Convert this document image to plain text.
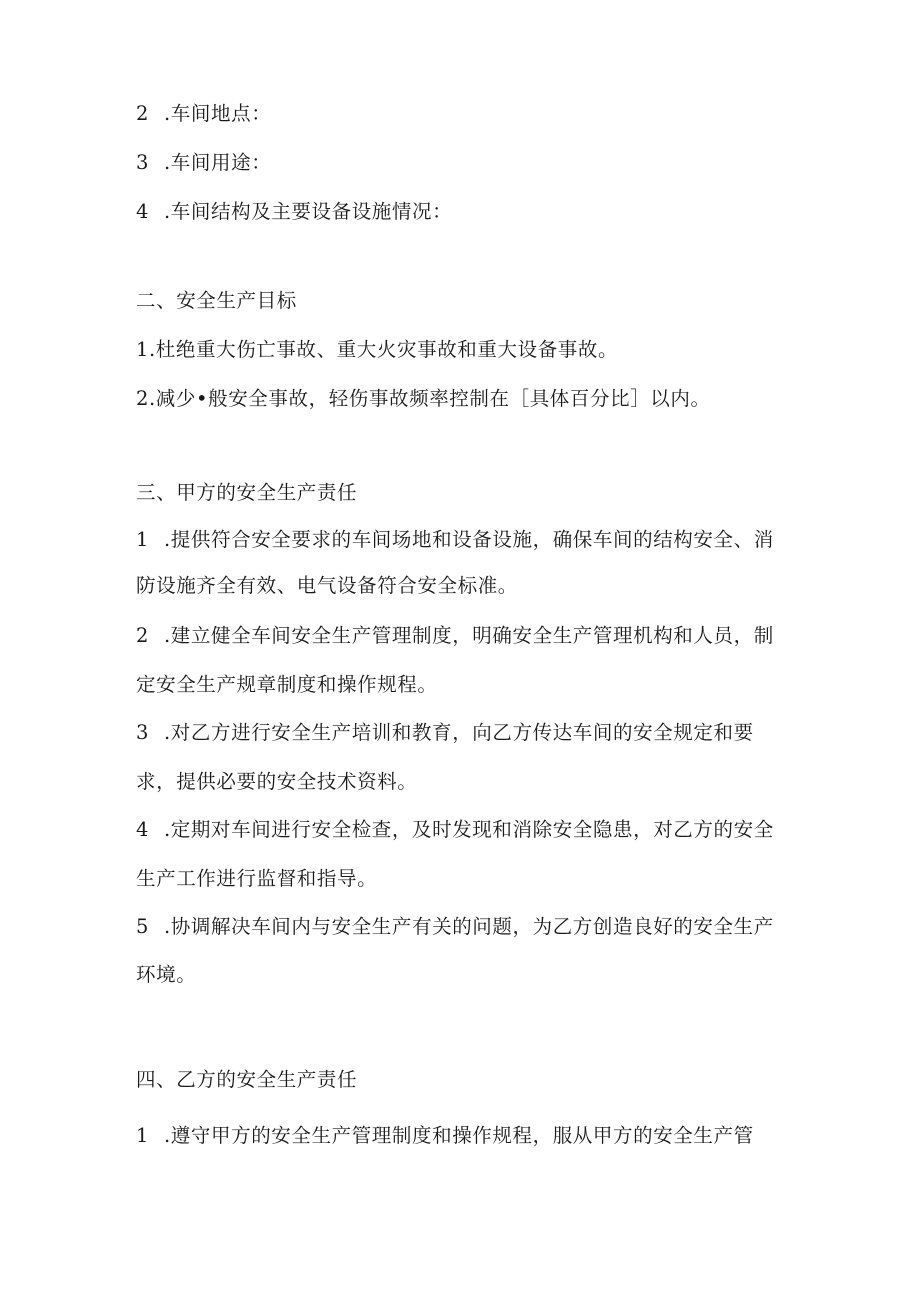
2 .车间地点：
3 .车间用途：
4 .车间结构及主要设备设施情况：
二、安全生产目标
1.杜绝重大伤亡事故、重大火灾事故和重大设备事故。
2.减少•般安全事故，轻伤事故频率控制在［具体百分比］以内。
三、甲方的安全生产责任
1 .提供符合安全要求的车间场地和设备设施，确保车间的结构安全、消
防设施齐全有效、电气设备符合安全标准。
2 .建立健全车间安全生产管理制度，明确安全生产管理机构和人员，制
定安全生产规章制度和操作规程。
3 .对乙方进行安全生产培训和教育，向乙方传达车间的安全规定和要
求，提供必要的安全技术资料。
4 .定期对车间进行安全检查，及时发现和消除安全隐患，对乙方的安全
生产工作进行监督和指导。
5 .协调解决车间内与安全生产有关的问题，为乙方创造良好的安全生产
环境。
四、乙方的安全生产责任
1 .遵守甲方的安全生产管理制度和操作规程，服从甲方的安全生产管
